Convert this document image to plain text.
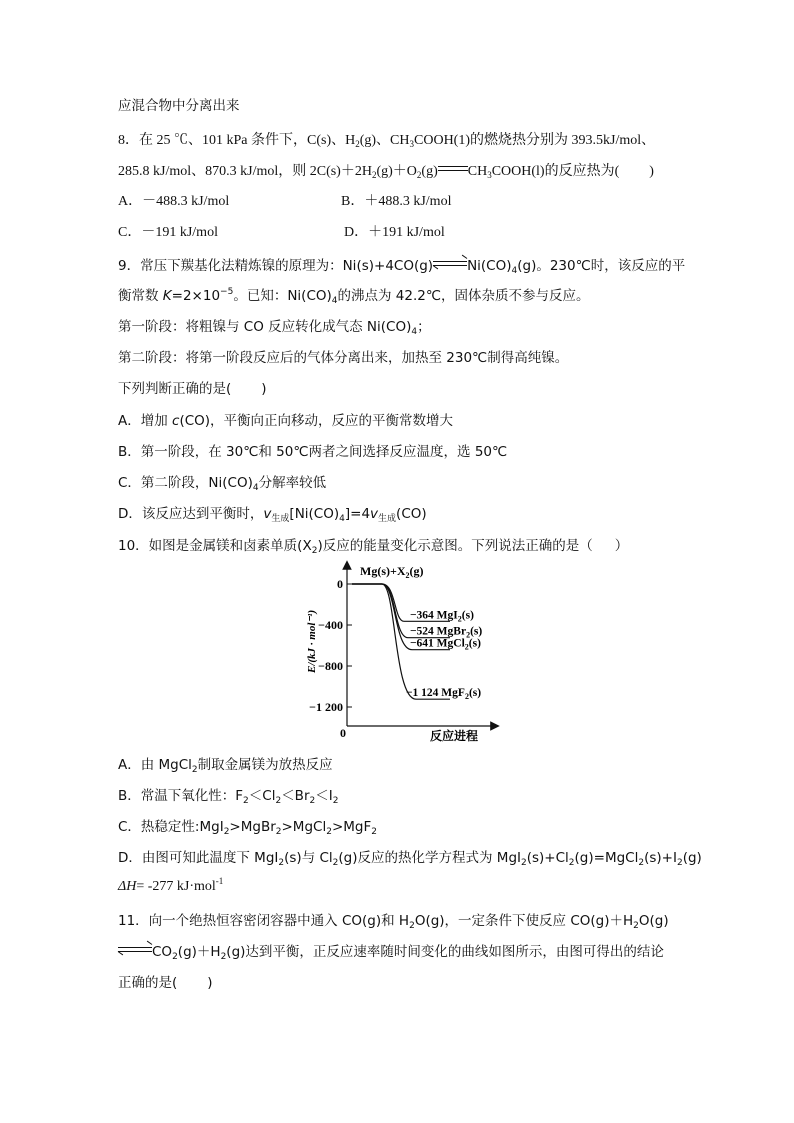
应混合物中分离出来
8．在 25 ℃、101 kPa 条件下，C(s)、$H_2(g)$、$CH_3COOH(1)$的燃烧热分别为 393.5kJ/mol、
285.8 kJ/mol、870.3 kJ/mol，则 $2C(s)+2H_2(g)+O_2(g)$ $CH_3COOH(l)$的反应热为( )
A．－488.3 kJ/mol	B．＋488.3 kJ/mol
C．－191 kJ/mol	D．＋191 kJ/mol
9．常压下羰基化法精炼镍的原理为：Ni(s)+4CO(g)	$Ni(CO)_4(g)$。230℃时，该反应的平
衡常数 $K=2\times 10^{-5}$。已知：$Ni(CO)_4$的沸点为 42.2℃，固体杂质不参与反应。
第一阶段：将粗镍与 CO 反应转化成气态 $Ni(CO)_4$；
第二阶段：将第一阶段反应后的气体分离出来，加热至 230℃制得高纯镍。
下列判断正确的是( )
A．增加 c(CO)，平衡向正向移动，反应的平衡常数增大
B．第一阶段，在 30℃和 50℃两者之间选择反应温度，选 50℃
C．第二阶段，$Ni(CO)_4$分解率较低
D．该反应达到平衡时，$v_{生成}[Ni(CO)_4]=4v_{生成}(CO)$
10．如图是金属镁和卤素单质$(X_2)$反应的能量变化示意图。下列说法正确的是（ ）
0
−400
−800
−1 200
$Mg(s)+X_2(g)$
E/(kJ · mol⁻¹)
反应进程
0
−364 MgI$_2$(s)
−524 MgBr$_2$(s)
−641 MgCl$_2$(s)
−1 124 MgF$_2$(s)
A．由 MgCl$_2$制取金属镁为放热反应
B．常温下氧化性：$F_2<Cl_2<Br_2<I_2$
C．热稳定性:MgI$_2$>MgBr$_2$>MgCl$_2$>MgF$_2$
D．由图可知此温度下 MgI$_2$(s)与 $Cl_2(g)$反应的热化学方程式为 $MgI_2(s)+Cl_2(g)=MgCl_2(s)+I_2(g)$
ΔH= -277 kJ·mol$^{-1}$
11．向一个绝热恒容密闭容器中通入 CO(g)和 $H_2O(g)$，一定条件下使反应 $CO(g)+H_2O(g)$
$CO_2(g)+H_2(g)$达到平衡，正反应速率随时间变化的曲线如图所示，由图可得出的结论
正确的是( )
